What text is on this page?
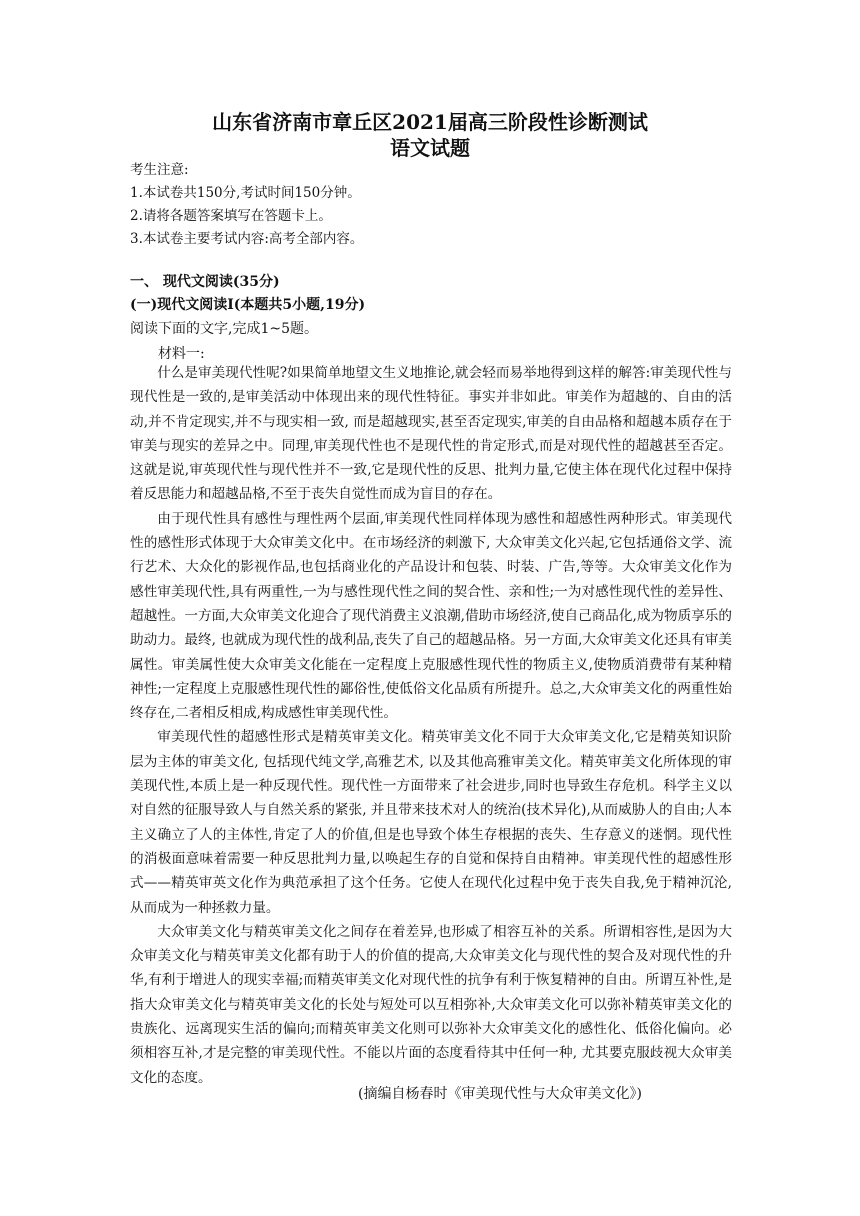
山东省济南市章丘区2021届高三阶段性诊断测试
语文试题
考生注意:
1.本试卷共150分,考试时间150分钟。
2.请将各题答案填写在答题卡上。
3.本试卷主要考试内容:高考全部内容。
一、 现代文阅读(35分)
(一)现代文阅读Ⅰ(本题共5小题,19分)
阅读下面的文字,完成1~5题。
材料一:

什么是审美现代性呢?如果简单地望文生义地推论,就会轻而易举地得到这样的解答:审美现代性与现代性是一致的,是审美活动中体现出来的现代性特征。事实并非如此。审美作为超越的、自由的活动,并不肯定现实,并不与现实相一致, 而是超越现实,甚至否定现实,审美的自由品格和超越本质存在于审美与现实的差异之中。同理,审美现代性也不是现代性的肯定形式,而是对现代性的超越甚至否定。这就是说,审英现代性与现代性并不一致,它是现代性的反思、批判力量,它使主体在现代化过程中保持着反思能力和超越品格,不至于丧失自觉性而成为盲目的存在。

由于现代性具有感性与理性两个层面,审美现代性同样体现为感性和超感性两种形式。审美现代性的感性形式体现于大众审美文化中。在市场经济的刺激下, 大众审美文化兴起,它包括通俗文学、流行艺术、大众化的影视作品,也包括商业化的产品设计和包装、时装、广告,等等。大众审美文化作为感性审美现代性,具有两重性,一为与感性现代性之间的契合性、亲和性;一为对感性现代性的差异性、超越性。一方面,大众审美文化迎合了现代消费主义浪潮,借助市场经济,使自己商品化,成为物质享乐的助动力。最终, 也就成为现代性的战利品,丧失了自己的超越品格。另一方面,大众审美文化还具有审美属性。审美属性使大众审美文化能在一定程度上克服感性现代性的物质主义,使物质消费带有某种精神性;一定程度上克服感性现代性的鄙俗性,使低俗文化品质有所提升。总之,大众审美文化的两重性始终存在,二者相反相成,构成感性审美现代性。

审美现代性的超感性形式是精英审美文化。精英审美文化不同于大众审美文化,它是精英知识阶层为主体的审美文化, 包括现代纯文学,高雅艺术, 以及其他高雅审美文化。精英审美文化所体现的审美现代性,本质上是一种反现代性。现代性一方面带来了社会进步,同时也导致生存危机。科学主义以对自然的征服导致人与自然关系的紧张, 并且带来技术对人的统治(技术异化),从而威胁人的自由;人本主义确立了人的主体性,肯定了人的价值,但是也导致个体生存根据的丧失、生存意义的迷惘。现代性的消极面意味着需要一种反思批判力量,以唤起生存的自觉和保持自由精神。审美现代性的超感性形式——精英审英文化作为典范承担了这个任务。它使人在现代化过程中免于丧失自我,免于精神沉沦,从而成为一种拯救力量。

大众审美文化与精英审美文化之间存在着差异,也形威了相容互补的关系。所谓相容性,是因为大众审美文化与精英审美文化都有助于人的价值的提高,大众审美文化与现代性的契合及对现代性的升华,有利于增进人的现实幸福;而精英审美文化对现代性的抗争有利于恢复精神的自由。所谓互补性,是指大众审美文化与精英审美文化的长处与短处可以互相弥补,大众审美文化可以弥补精英审美文化的贵族化、远离现实生活的偏向;而精英审美文化则可以弥补大众审美文化的感性化、低俗化偏向。必须相容互补,才是完整的审美现代性。不能以片面的态度看待其中任何一种, 尤其要克服歧视大众审美文化的态度。

(摘编自杨春时《审美现代性与大众审美文化》)
